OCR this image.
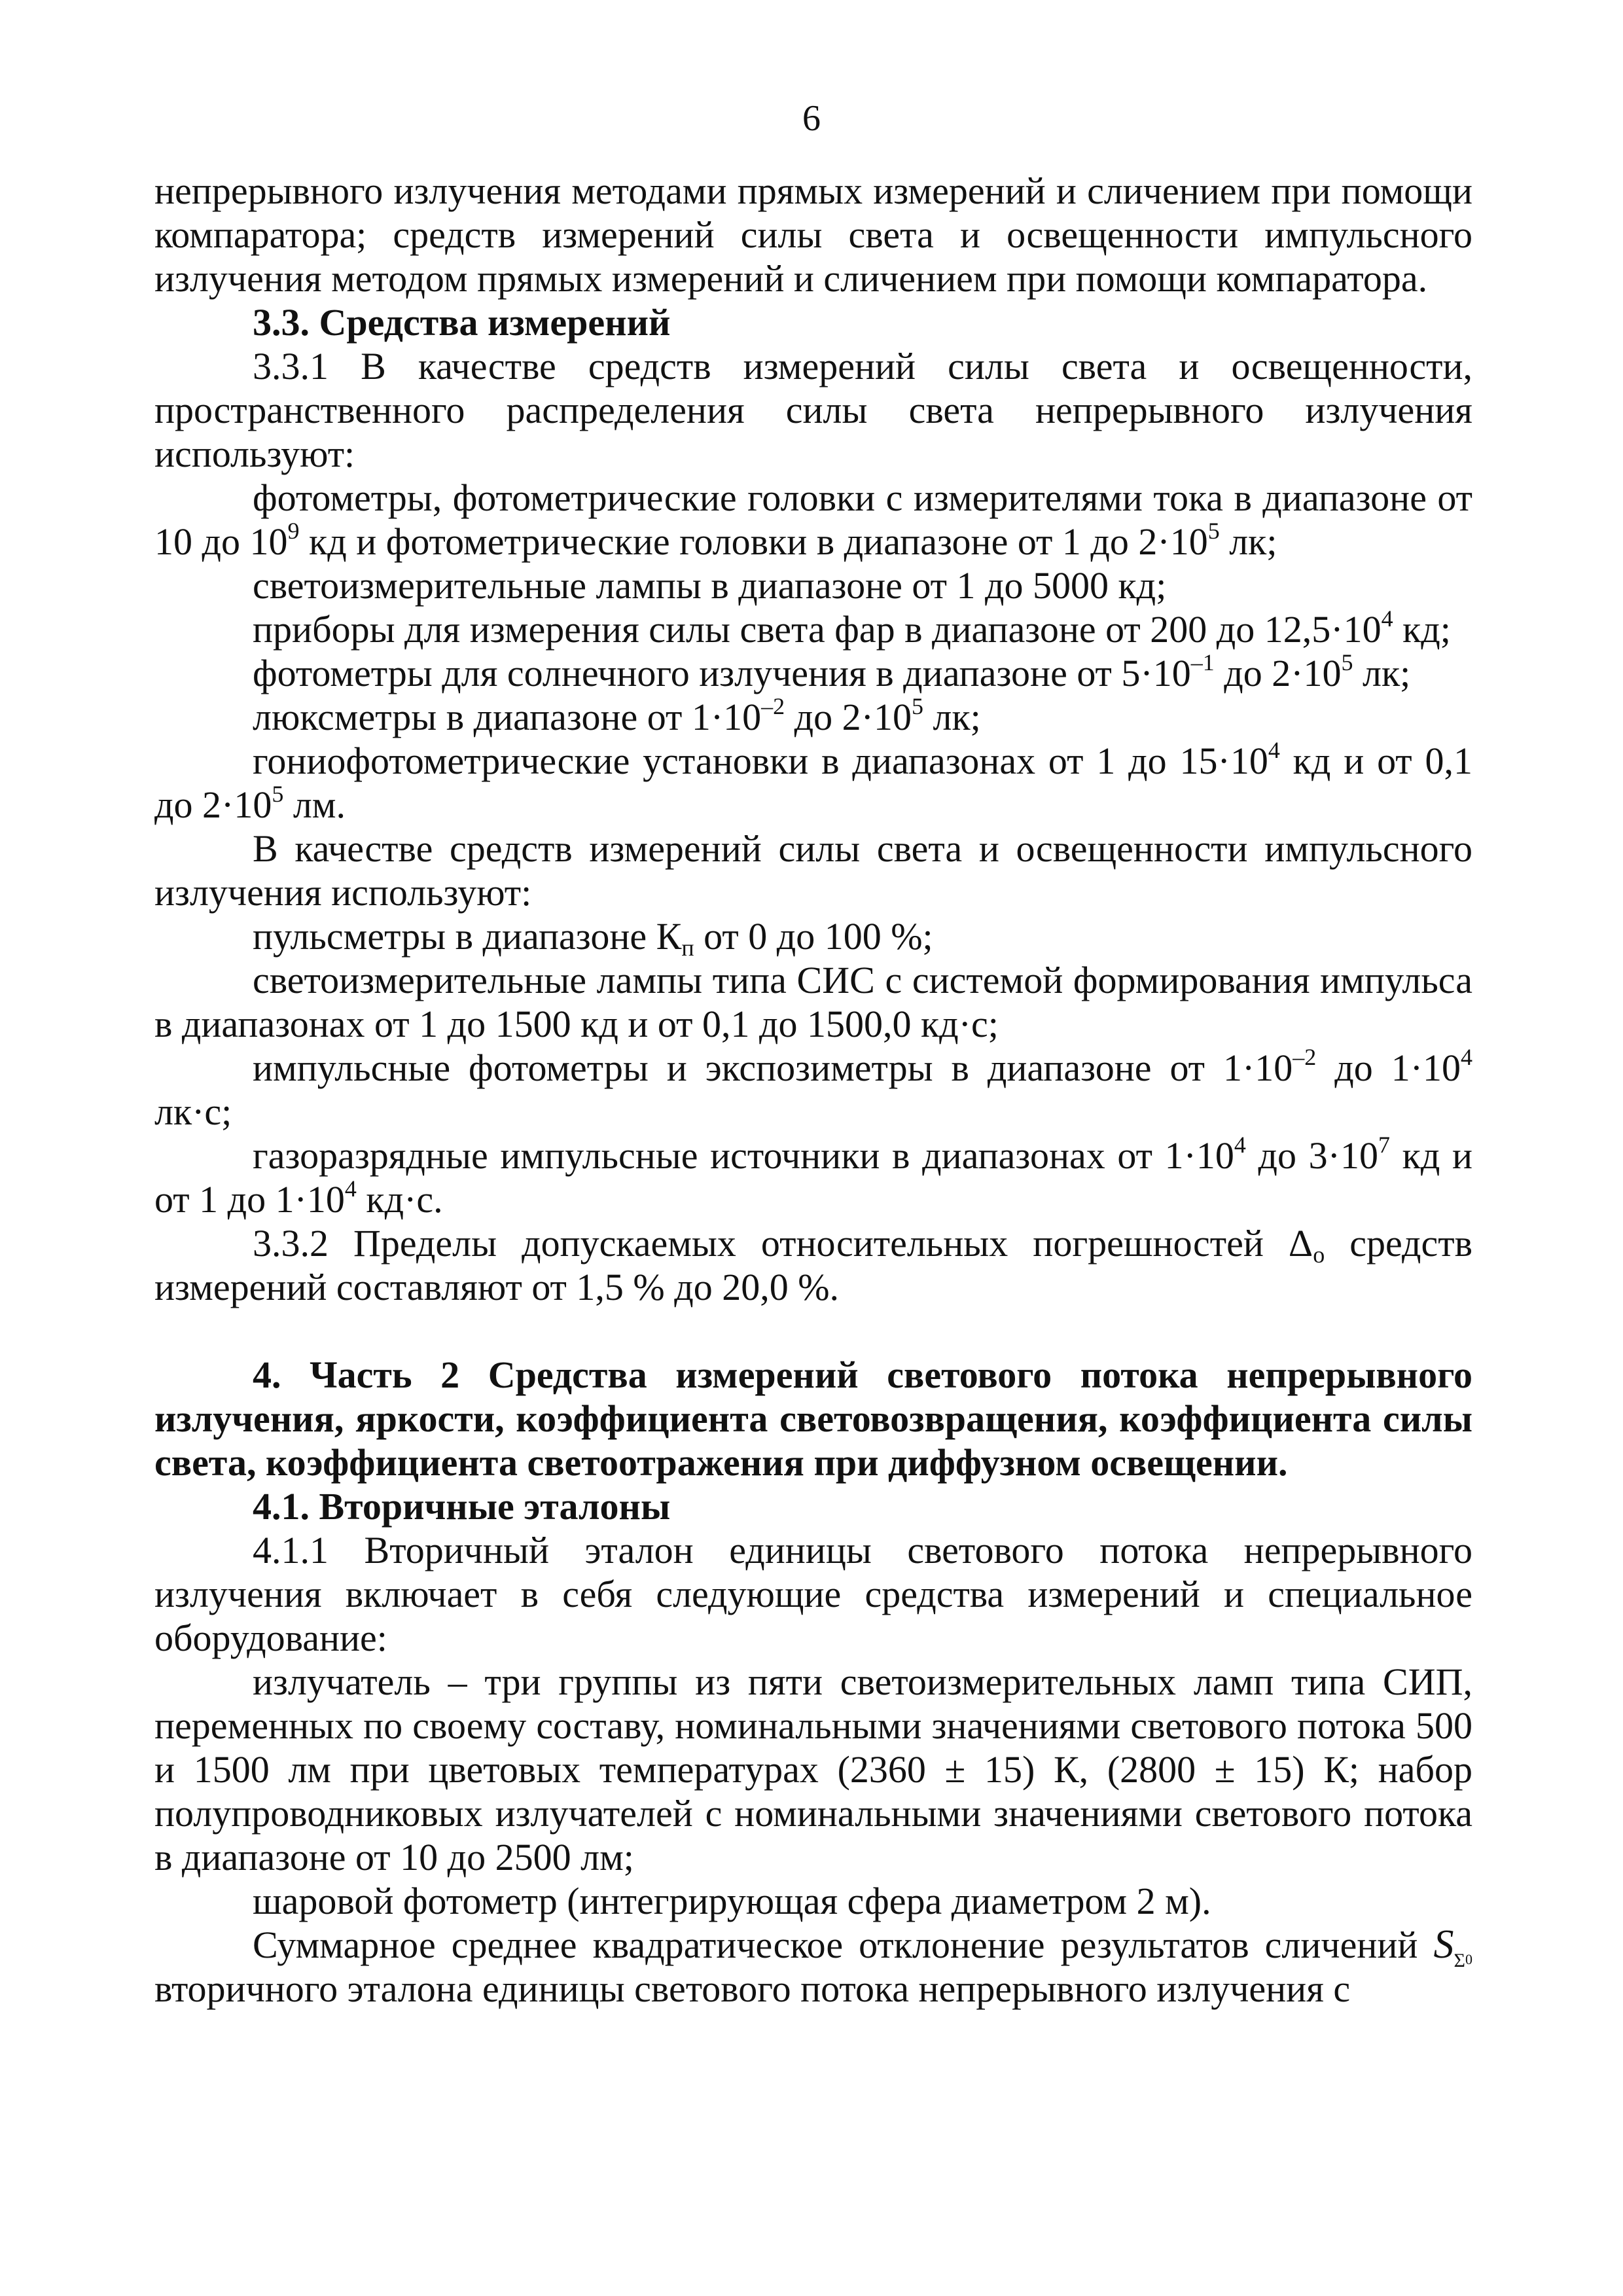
6

непрерывного излучения методами прямых измерений и сличением при помощи компаратора; средств измерений силы света и освещенности импульсного излучения методом прямых измерений и сличением при помощи компаратора.

3.3. Средства измерений

3.3.1 В качестве средств измерений силы света и освещенности, пространственного распределения силы света непрерывного излучения используют:

фотометры, фотометрические головки с измерителями тока в диапазоне от 10 до $10^9$ кд и фотометрические головки в диапазоне от 1 до $2\cdot 10^5$ лк;

светоизмерительные лампы в диапазоне от 1 до 5000 кд;

приборы для измерения силы света фар в диапазоне от 200 до $12,5\cdot 10^4$ кд;

фотометры для солнечного излучения в диапазоне от $5\cdot 10^{-1}$ до $2\cdot 10^5$ лк;

люксметры в диапазоне от $1\cdot 10^{-2}$ до $2\cdot 10^5$ лк;

гониофотометрические установки в диапазонах от 1 до $15\cdot 10^4$ кд и от 0,1 до $2\cdot 10^5$ лм.

В качестве средств измерений силы света и освещенности импульсного излучения используют:

пульсметры в диапазоне $К_п$ от 0 до 100 %;

светоизмерительные лампы типа СИС с системой формирования импульса в диапазонах от 1 до 1500 кд и от 0,1 до 1500,0 кд·с;

импульсные фотометры и экспозиметры в диапазоне от $1\cdot 10^{-2}$ до $1\cdot 10^4$ лк·с;

газоразрядные импульсные источники в диапазонах от $1\cdot 10^4$ до $3\cdot 10^7$ кд и от 1 до $1\cdot 10^4$ кд·с.

3.3.2 Пределы допускаемых относительных погрешностей $\Delta_о$ средств измерений составляют от 1,5 % до 20,0 %.

4. Часть 2 Средства измерений светового потока непрерывного излучения, яркости, коэффициента световозвращения, коэффициента силы света, коэффициента светоотражения при диффузном освещении.

4.1. Вторичные эталоны

4.1.1 Вторичный эталон единицы светового потока непрерывного излучения включает в себя следующие средства измерений и специальное оборудование:

излучатель – три группы из пяти светоизмерительных ламп типа СИП, переменных по своему составу, номинальными значениями светового потока 500 и 1500 лм при цветовых температурах (2360 ± 15) К, (2800 ± 15) К; набор полупроводниковых излучателей с номинальными значениями светового потока в диапазоне от 10 до 2500 лм;

шаровой фотометр (интегрирующая сфера диаметром 2 м).

Суммарное среднее квадратическое отклонение результатов сличений $S_\Sigma 0$ вторичного эталона единицы светового потока непрерывного излучения с
